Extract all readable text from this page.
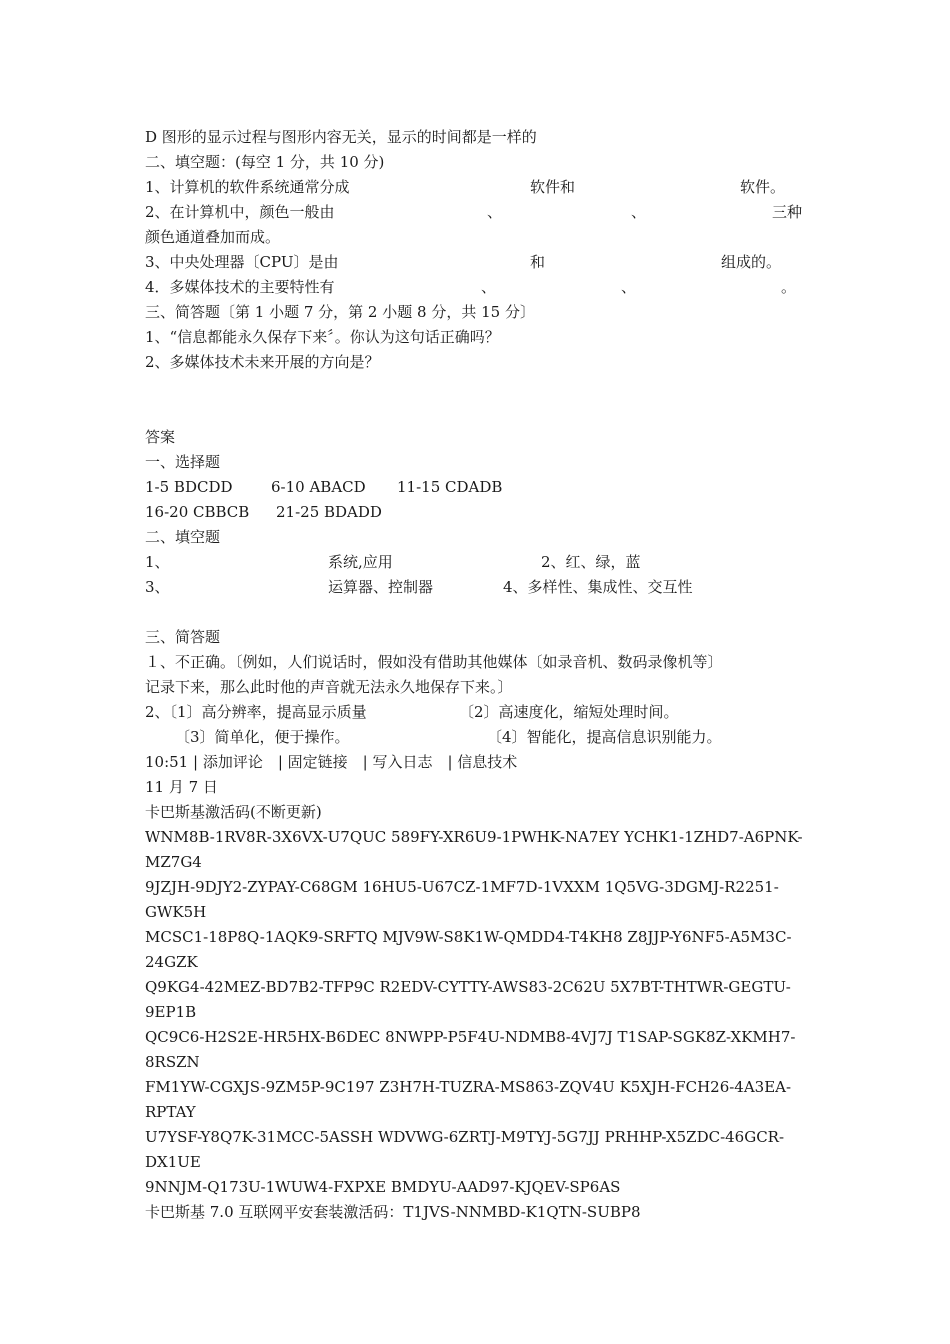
D 图形的显示过程与图形内容无关，显示的时间都是一样的
二、填空题：(每空 1 分，共 10 分)
1、计算机的软件系统通常分成	软件和	软件。
2、在计算机中，颜色一般由	、	、	三种
颜色通道叠加而成。
3、中央处理器〔CPU〕是由	和	组成的。
4．多媒体技术的主要特性有	、	、	。
三、简答题〔第 1 小题 7 分，第 2 小题 8 分，共 15 分〕
1、“信息都能永久保存下来〞。你认为这句话正确吗？
2、多媒体技术未来开展的方向是？
答案
一、选择题
1-5 BDCDD	6-10 ABACD 11-15 CDADB
16-20 CBBCB 21-25 BDADD
二、填空题
1、	系统,应用	2、红、绿，蓝
3、	运算器、控制器	4、多样性、集成性、交互性
三、简答题
１、不正确。〔例如，人们说话时，假如没有借助其他媒体〔如录音机、数码录像机等〕
记录下来，那么此时他的声音就无法永久地保存下来。〕
2、〔1〕高分辨率，提高显示质量	〔2〕高速度化，缩短处理时间。
〔3〕简单化，便于操作。	〔4〕智能化，提高信息识别能力。
10:51 | 添加评论　| 固定链接　| 写入日志　| 信息技术
11 月 7 日
卡巴斯基激活码(不断更新)
WNM8B-1RV8R-3X6VX-U7QUC 589FY-XR6U9-1PWHK-NA7EY YCHK1-1ZHD7-A6PNK-
MZ7G4
9JZJH-9DJY2-ZYPAY-C68GM 16HU5-U67CZ-1MF7D-1VXXM 1Q5VG-3DGMJ-R2251-
GWK5H
MCSC1-18P8Q-1AQK9-SRFTQ MJV9W-S8K1W-QMDD4-T4KH8 Z8JJP-Y6NF5-A5M3C-
24GZK
Q9KG4-42MEZ-BD7B2-TFP9C R2EDV-CYTTY-AWS83-2C62U 5X7BT-THTWR-GEGTU-
9EP1B
QC9C6-H2S2E-HR5HX-B6DEC 8NWPP-P5F4U-NDMB8-4VJ7J T1SAP-SGK8Z-XKMH7-
8RSZN
FM1YW-CGXJS-9ZM5P-9C197 Z3H7H-TUZRA-MS863-ZQV4U K5XJH-FCH26-4A3EA-
RPTAY
U7YSF-Y8Q7K-31MCC-5ASSH WDVWG-6ZRTJ-M9TYJ-5G7JJ PRHHP-X5ZDC-46GCR-
DX1UE
9NNJM-Q173U-1WUW4-FXPXE BMDYU-AAD97-KJQEV-SP6AS
卡巴斯基 7.0 互联网平安套装激活码：T1JVS-NNMBD-K1QTN-SUBP8
